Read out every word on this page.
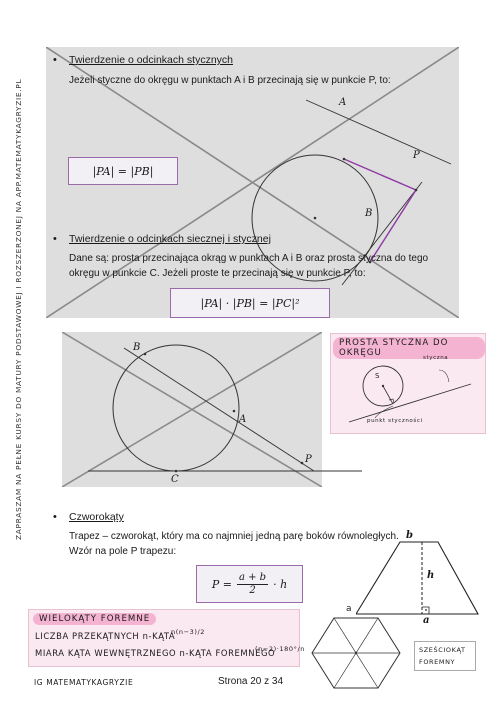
ZAPRASZAM NA PEŁNE KURSY DO MATURY PODSTAWOWEJ I ROZSZERZONEJ NA APP.MATEMATYKAGRYZIE.PL	A
P
B
• Twierdzenie o odcinkach stycznych
Jeżeli styczne do okręgu w punktach A i B przecinają się w punkcie P, to:
|PA| = |PB|
• Twierdzenie o odcinkach siecznej i stycznej
Dane są: prosta przecinająca okrąg w punktach A i B oraz prosta styczna do tego
okręgu w punkcie C. Jeżeli proste te przecinają się w punkcie P, to:
|PA| · |PB| = |PC|²
B
A
P
C
PROSTA STYCZNA DO OKRĘGU
S
styczna
punkt styczności
• Czworokąty
Trapez – czworokąt, który ma co najmniej jedną parę boków równoległych.
Wzór na pole P trapezu:
$P = \frac{a + b}{2} \cdot h$
b
h
a
WIELOKĄTY FOREMNE
LICZBA PRZEKĄTNYCH n-KĄTA
n(n−3)/2
MIARA KĄTA WEWNĘTRZNEGO n-KĄTA FOREMNEGO
(n−2)·180°/n
a
SZEŚCIOKĄT
FOREMNY
IG MATEMATYKAGRYZIE	Strona 20 z 34
